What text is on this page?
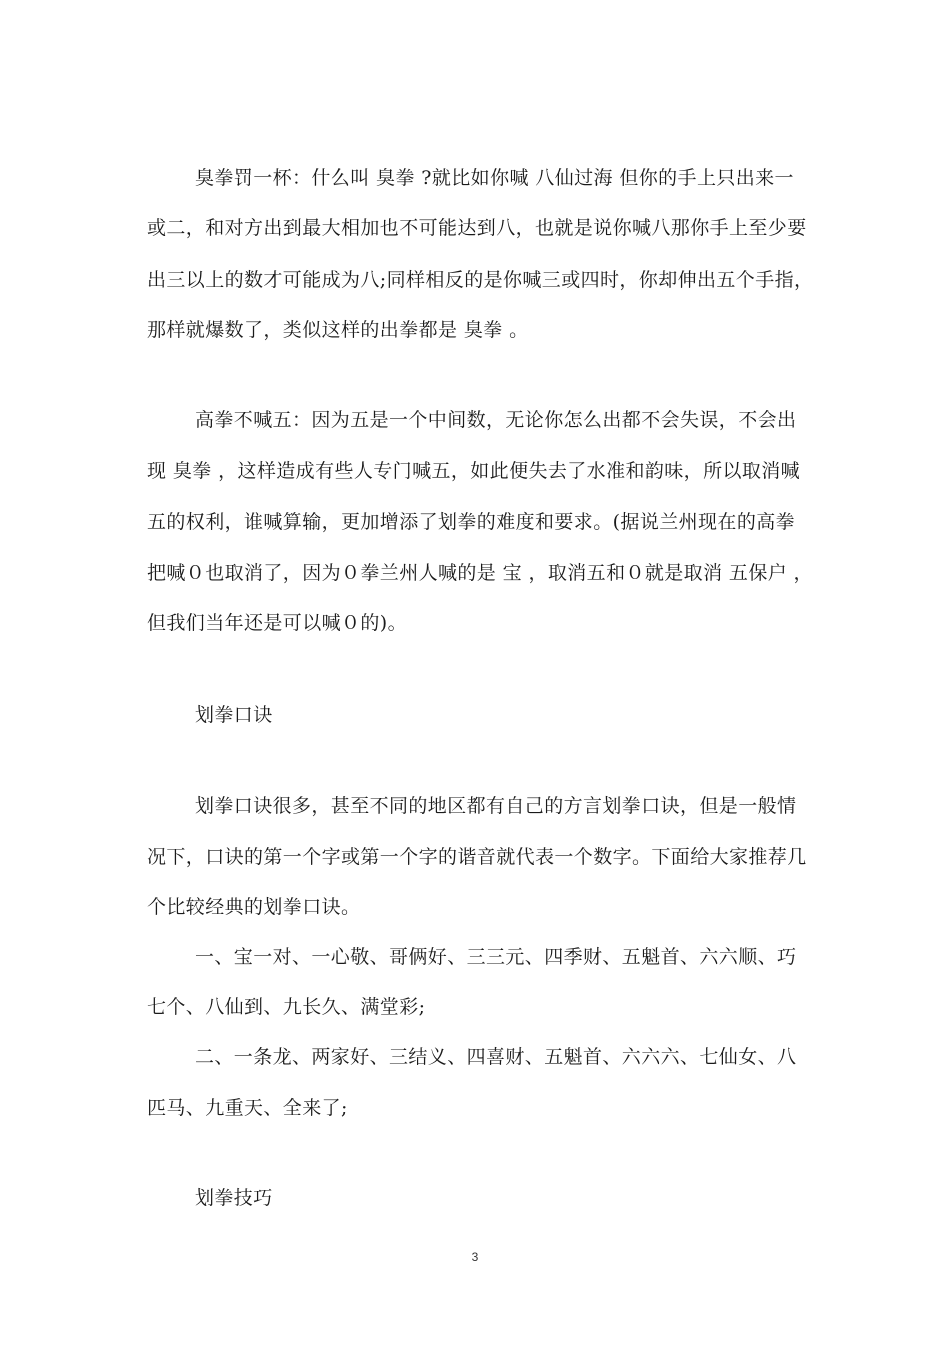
臭拳罚一杯：什么叫 臭拳 ?就比如你喊 八仙过海 但你的手上只出来一
或二，和对方出到最大相加也不可能达到八，也就是说你喊八那你手上至少要
出三以上的数才可能成为八;同样相反的是你喊三或四时，你却伸出五个手指，
那样就爆数了，类似这样的出拳都是 臭拳 。
高拳不喊五：因为五是一个中间数，无论你怎么出都不会失误，不会出
现 臭拳 ，这样造成有些人专门喊五，如此便失去了水准和韵味，所以取消喊
五的权利，谁喊算输，更加增添了划拳的难度和要求。(据说兰州现在的高拳
把喊０也取消了，因为０拳兰州人喊的是 宝 ，取消五和０就是取消 五保户 ，
但我们当年还是可以喊０的)。
划拳口诀
划拳口诀很多，甚至不同的地区都有自己的方言划拳口诀，但是一般情
况下，口诀的第一个字或第一个字的谐音就代表一个数字。下面给大家推荐几
个比较经典的划拳口诀。
一、宝一对、一心敬、哥俩好、三三元、四季财、五魁首、六六顺、巧
七个、八仙到、九长久、满堂彩;
二、一条龙、两家好、三结义、四喜财、五魁首、六六六、七仙女、八
匹马、九重天、全来了;
划拳技巧
3
